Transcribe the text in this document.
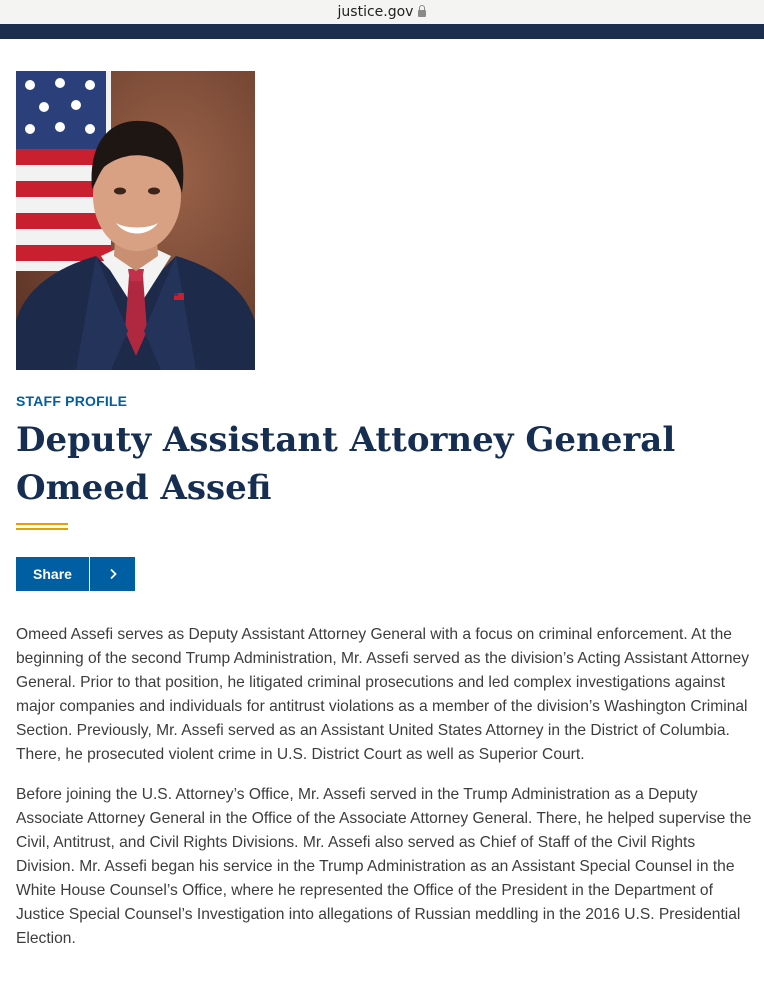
justice.gov
STAFF PROFILE
Deputy Assistant Attorney General
Omeed Assefi
Share

Omeed Assefi serves as Deputy Assistant Attorney General with a focus on criminal enforcement. At the beginning of the second Trump Administration, Mr. Assefi served as the division’s Acting Assistant Attorney General. Prior to that position, he litigated criminal prosecutions and led complex investigations against major companies and individuals for antitrust violations as a member of the division’s Washington Criminal Section. Previously, Mr. Assefi served as an Assistant United States Attorney in the District of Columbia. There, he prosecuted violent crime in U.S. District Court as well as Superior Court.

Before joining the U.S. Attorney’s Office, Mr. Assefi served in the Trump Administration as a Deputy Associate Attorney General in the Office of the Associate Attorney General. There, he helped supervise the Civil, Antitrust, and Civil Rights Divisions. Mr. Assefi also served as Chief of Staff of the Civil Rights Division. Mr. Assefi began his service in the Trump Administration as an Assistant Special Counsel in the White House Counsel’s Office, where he represented the Office of the President in the Department of Justice Special Counsel’s Investigation into allegations of Russian meddling in the 2016 U.S. Presidential Election.
